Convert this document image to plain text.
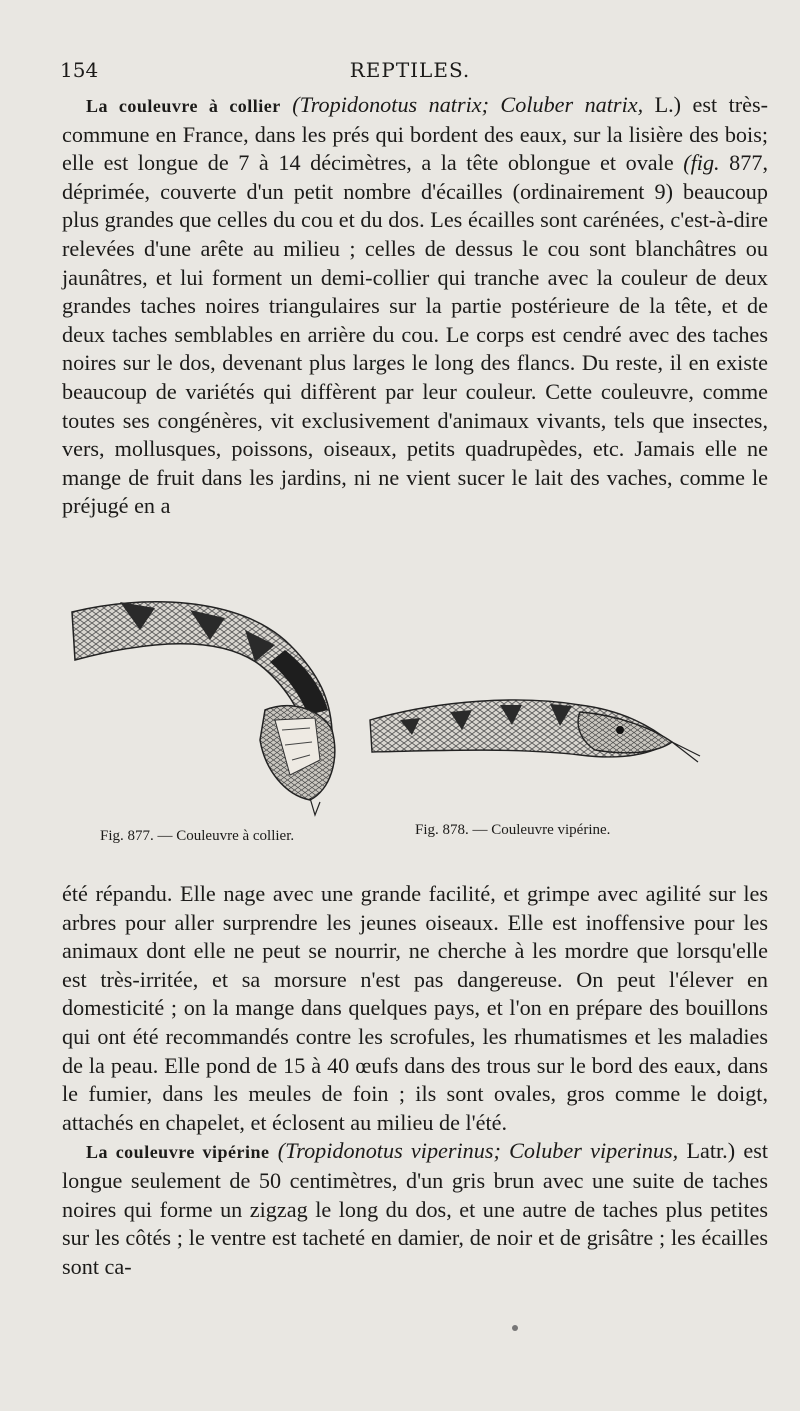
154	REPTILES.

La couleuvre à collier (Tropidonotus natrix; Coluber natrix, L.) est très-commune en France, dans les prés qui bordent des eaux, sur la lisière des bois; elle est longue de 7 à 14 décimètres, a la tête oblongue et ovale (fig. 877, déprimée, couverte d'un petit nombre d'écailles (ordinairement 9) beaucoup plus grandes que celles du cou et du dos. Les écailles sont carénées, c'est-à-dire relevées d'une arête au milieu ; celles de dessus le cou sont blanchâtres ou jaunâtres, et lui forment un demi-collier qui tranche avec la couleur de deux grandes taches noires triangulaires sur la partie postérieure de la tête, et de deux taches semblables en arrière du cou. Le corps est cendré avec des taches noires sur le dos, devenant plus larges le long des flancs. Du reste, il en existe beaucoup de variétés qui diffèrent par leur couleur. Cette couleuvre, comme toutes ses congénères, vit exclusivement d'animaux vivants, tels que insectes, vers, mollusques, poissons, oiseaux, petits quadrupèdes, etc. Jamais elle ne mange de fruit dans les jardins, ni ne vient sucer le lait des vaches, comme le préjugé en a

Fig. 877. — Couleuvre à collier.	Fig. 878. — Couleuvre vipérine.

été répandu. Elle nage avec une grande facilité, et grimpe avec agilité sur les arbres pour aller surprendre les jeunes oiseaux. Elle est inoffensive pour les animaux dont elle ne peut se nourrir, ne cherche à les mordre que lorsqu'elle est très-irritée, et sa morsure n'est pas dangereuse. On peut l'élever en domesticité ; on la mange dans quelques pays, et l'on en prépare des bouillons qui ont été recommandés contre les scrofules, les rhumatismes et les maladies de la peau. Elle pond de 15 à 40 œufs dans des trous sur le bord des eaux, dans le fumier, dans les meules de foin ; ils sont ovales, gros comme le doigt, attachés en chapelet, et éclosent au milieu de l'été.

La couleuvre vipérine (Tropidonotus viperinus; Coluber viperinus, Latr.) est longue seulement de 50 centimètres, d'un gris brun avec une suite de taches noires qui forme un zigzag le long du dos, et une autre de taches plus petites sur les côtés ; le ventre est tacheté en damier, de noir et de grisâtre ; les écailles sont ca-
